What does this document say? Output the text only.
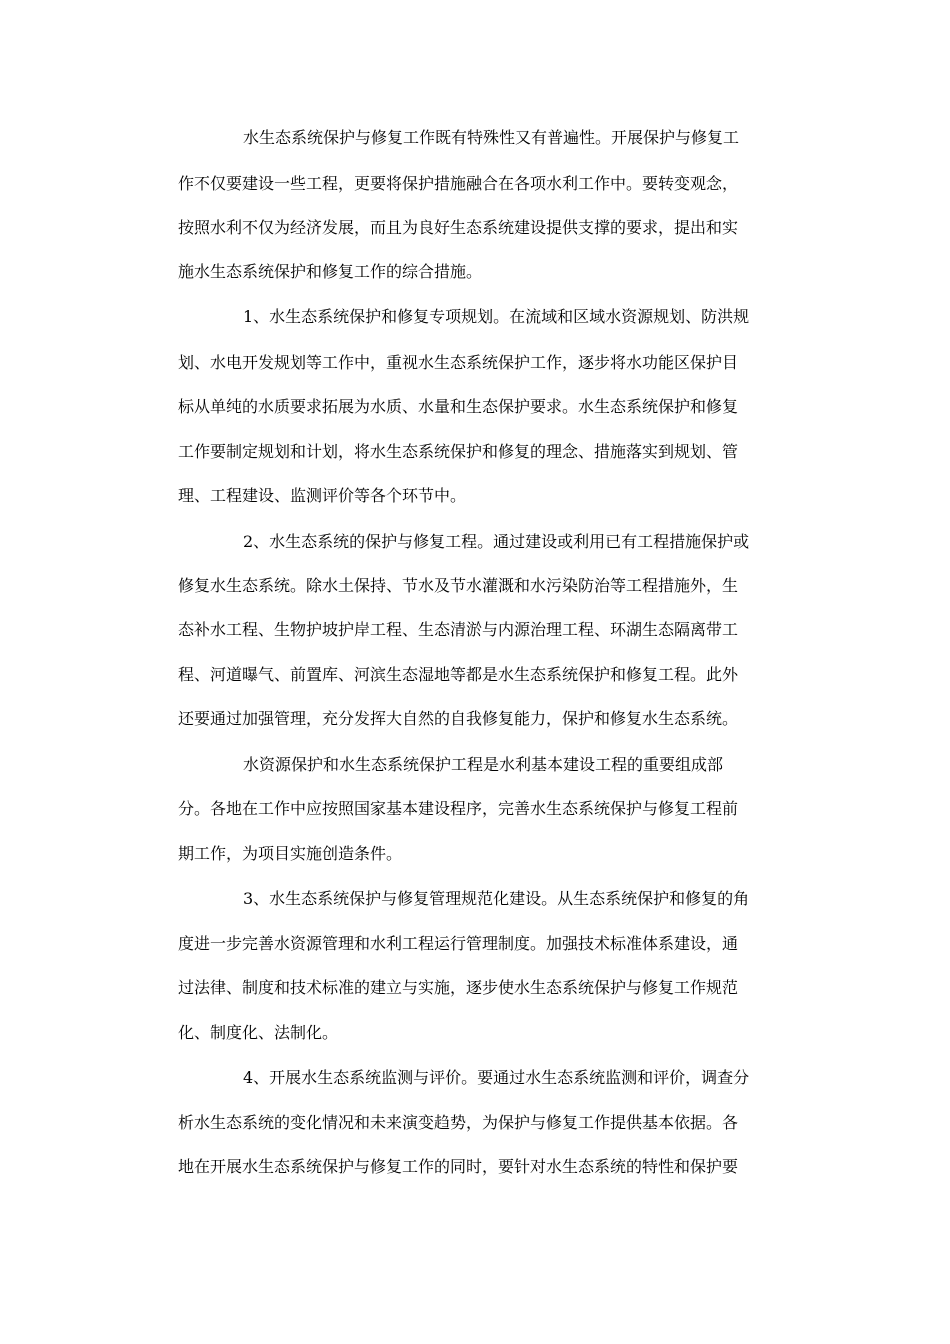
水生态系统保护与修复工作既有特殊性又有普遍性。开展保护与修复工

作不仅要建设一些工程，更要将保护措施融合在各项水利工作中。要转变观念，

按照水利不仅为经济发展，而且为良好生态系统建设提供支撑的要求，提出和实

施水生态系统保护和修复工作的综合措施。

1、水生态系统保护和修复专项规划。在流域和区域水资源规划、防洪规

划、水电开发规划等工作中，重视水生态系统保护工作，逐步将水功能区保护目

标从单纯的水质要求拓展为水质、水量和生态保护要求。水生态系统保护和修复

工作要制定规划和计划，将水生态系统保护和修复的理念、措施落实到规划、管

理、工程建设、监测评价等各个环节中。

2、水生态系统的保护与修复工程。通过建设或利用已有工程措施保护或

修复水生态系统。除水土保持、节水及节水灌溉和水污染防治等工程措施外，生

态补水工程、生物护坡护岸工程、生态清淤与内源治理工程、环湖生态隔离带工

程、河道曝气、前置库、河滨生态湿地等都是水生态系统保护和修复工程。此外

还要通过加强管理，充分发挥大自然的自我修复能力，保护和修复水生态系统。

水资源保护和水生态系统保护工程是水利基本建设工程的重要组成部

分。各地在工作中应按照国家基本建设程序，完善水生态系统保护与修复工程前

期工作，为项目实施创造条件。

3、水生态系统保护与修复管理规范化建设。从生态系统保护和修复的角

度进一步完善水资源管理和水利工程运行管理制度。加强技术标准体系建设，通

过法律、制度和技术标准的建立与实施，逐步使水生态系统保护与修复工作规范

化、制度化、法制化。

4、开展水生态系统监测与评价。要通过水生态系统监测和评价，调查分

析水生态系统的变化情况和未来演变趋势，为保护与修复工作提供基本依据。各

地在开展水生态系统保护与修复工作的同时，要针对水生态系统的特性和保护要
